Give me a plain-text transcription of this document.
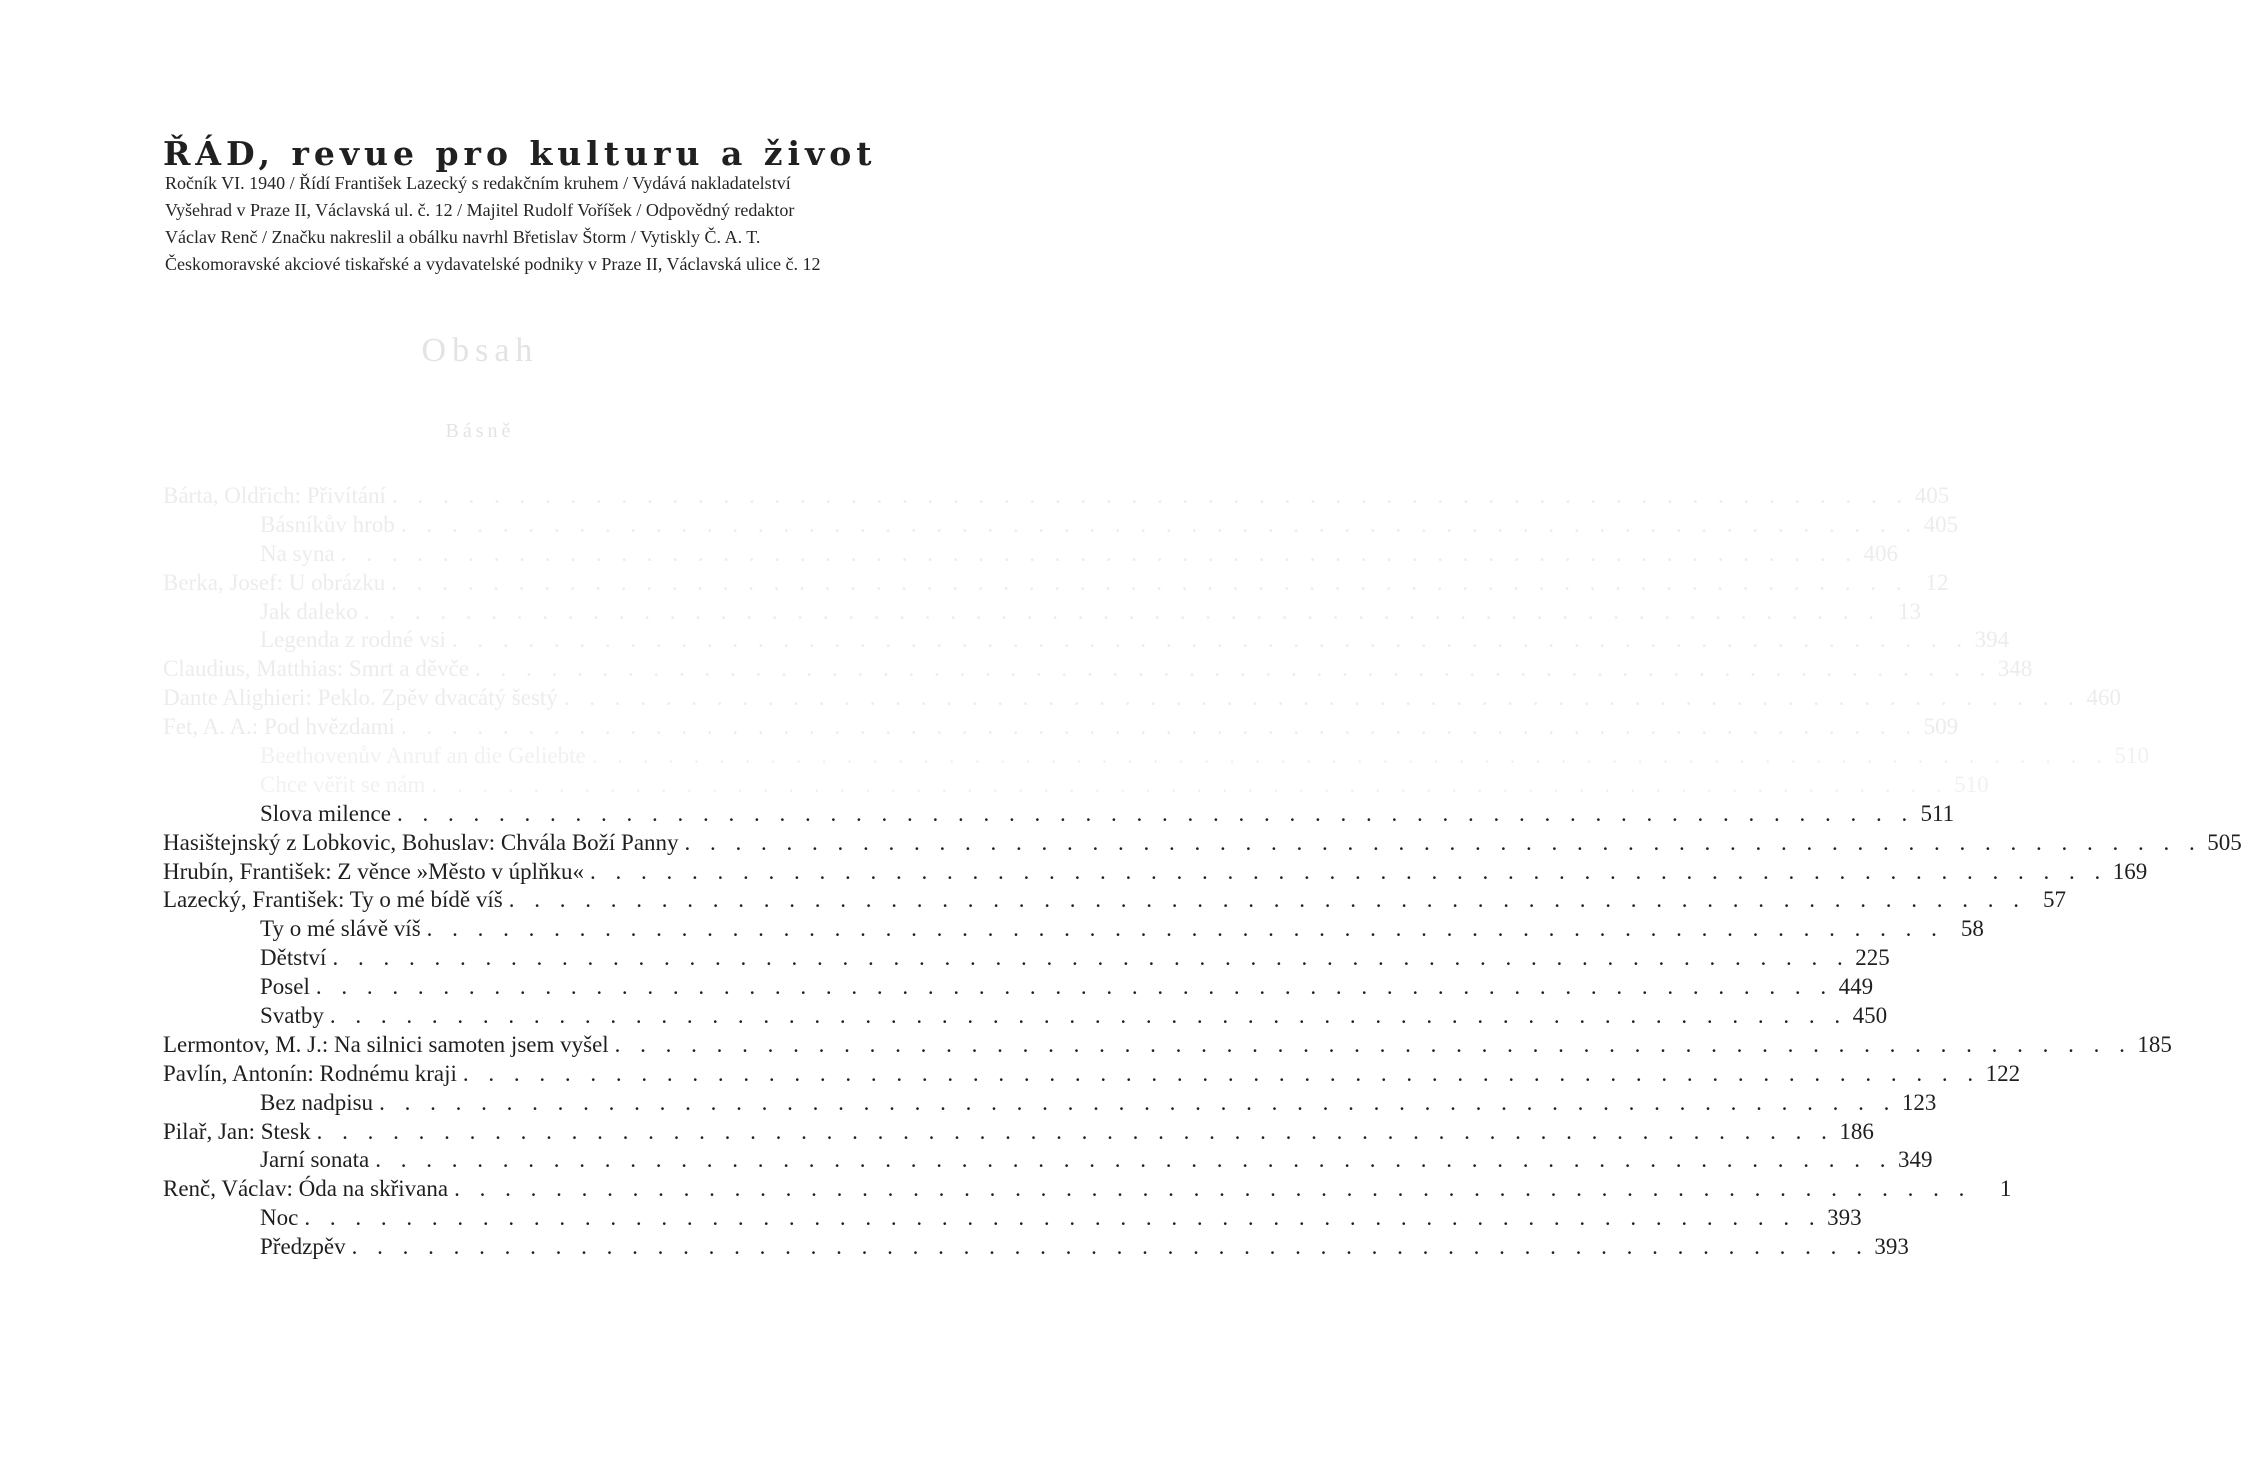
ŘÁD, revue pro kulturu a život
Ročník VI. 1940 / Řídí František Lazecký s redakčním kruhem / Vydává nakladatelství
Vyšehrad v Praze II, Václavská ul. č. 12 / Majitel Rudolf Voříšek / Odpovědný redaktor
Václav Renč / Značku nakreslil a obálku navrhl Břetislav Štorm / Vytiskly Č. A. T.
Českomoravské akciové tiskařské a vydavatelské podniky v Praze II, Václavská ulice č. 12
Obsah
Básně
Bárta, Oldřich: Přivítání . . . . . . . . . . . . . . . . . . . . . . . . . . . . . . . . . . . . . . . . . . . . . . . . . . . . . . . . . . . . 405
Básníkův hrob . . . . . . . . . . . . . . . . . . . . . . . . . . . . . . . . . . . . . . . . . . . . . . . . . . . . . . . . . . . . 405
Na syna . . . . . . . . . . . . . . . . . . . . . . . . . . . . . . . . . . . . . . . . . . . . . . . . . . . . . . . . . . . . 406
Berka, Josef: U obrázku . . . . . . . . . . . . . . . . . . . . . . . . . . . . . . . . . . . . . . . . . . . . . . . . . . . . . . . . . . . . 12
Jak daleko . . . . . . . . . . . . . . . . . . . . . . . . . . . . . . . . . . . . . . . . . . . . . . . . . . . . . . . . . . . . 13
Legenda z rodné vsi . . . . . . . . . . . . . . . . . . . . . . . . . . . . . . . . . . . . . . . . . . . . . . . . . . . . . . . . . . . . 394
Claudius, Matthias: Smrt a děvče . . . . . . . . . . . . . . . . . . . . . . . . . . . . . . . . . . . . . . . . . . . . . . . . . . . . . . . . . . . . 348
Dante Alighieri: Peklo. Zpěv dvacátý šestý . . . . . . . . . . . . . . . . . . . . . . . . . . . . . . . . . . . . . . . . . . . . . . . . . . . . . . . . . . . . 460
Fet, A. A.: Pod hvězdami . . . . . . . . . . . . . . . . . . . . . . . . . . . . . . . . . . . . . . . . . . . . . . . . . . . . . . . . . . . . 509
Beethovenův Anruf an die Geliebte . . . . . . . . . . . . . . . . . . . . . . . . . . . . . . . . . . . . . . . . . . . . . . . . . . . . . . . . . . . . 510
Chce věřit se nám . . . . . . . . . . . . . . . . . . . . . . . . . . . . . . . . . . . . . . . . . . . . . . . . . . . . . . . . . . . . 510
Slova milence . . . . . . . . . . . . . . . . . . . . . . . . . . . . . . . . . . . . . . . . . . . . . . . . . . . . . . . . . . . . 511
Hasištejnský z Lobkovic, Bohuslav: Chvála Boží Panny . . . . . . . . . . . . . . . . . . . . . . . . . . . . . . . . . . . . . . . . . . . . . . . . . . . . . . . . . . . . 505
Hrubín, František: Z věnce »Město v úplňku« . . . . . . . . . . . . . . . . . . . . . . . . . . . . . . . . . . . . . . . . . . . . . . . . . . . . . . . . . . . . 169
Lazecký, František: Ty o mé bídě víš . . . . . . . . . . . . . . . . . . . . . . . . . . . . . . . . . . . . . . . . . . . . . . . . . . . . . . . . . . . . 57
Ty o mé slávě víš . . . . . . . . . . . . . . . . . . . . . . . . . . . . . . . . . . . . . . . . . . . . . . . . . . . . . . . . . . . . 58
Dětství . . . . . . . . . . . . . . . . . . . . . . . . . . . . . . . . . . . . . . . . . . . . . . . . . . . . . . . . . . . . 225
Posel . . . . . . . . . . . . . . . . . . . . . . . . . . . . . . . . . . . . . . . . . . . . . . . . . . . . . . . . . . . . 449
Svatby . . . . . . . . . . . . . . . . . . . . . . . . . . . . . . . . . . . . . . . . . . . . . . . . . . . . . . . . . . . . 450
Lermontov, M. J.: Na silnici samoten jsem vyšel . . . . . . . . . . . . . . . . . . . . . . . . . . . . . . . . . . . . . . . . . . . . . . . . . . . . . . . . . . . . 185
Pavlín, Antonín: Rodnému kraji . . . . . . . . . . . . . . . . . . . . . . . . . . . . . . . . . . . . . . . . . . . . . . . . . . . . . . . . . . . . 122
Bez nadpisu . . . . . . . . . . . . . . . . . . . . . . . . . . . . . . . . . . . . . . . . . . . . . . . . . . . . . . . . . . . . 123
Pilař, Jan: Stesk . . . . . . . . . . . . . . . . . . . . . . . . . . . . . . . . . . . . . . . . . . . . . . . . . . . . . . . . . . . . 186
Jarní sonata . . . . . . . . . . . . . . . . . . . . . . . . . . . . . . . . . . . . . . . . . . . . . . . . . . . . . . . . . . . . 349
Renč, Václav: Óda na skřivana . . . . . . . . . . . . . . . . . . . . . . . . . . . . . . . . . . . . . . . . . . . . . . . . . . . . . . . . . . . .	1
Noc . . . . . . . . . . . . . . . . . . . . . . . . . . . . . . . . . . . . . . . . . . . . . . . . . . . . . . . . . . . . 393
Předzpěv . . . . . . . . . . . . . . . . . . . . . . . . . . . . . . . . . . . . . . . . . . . . . . . . . . . . . . . . . . . . 393
